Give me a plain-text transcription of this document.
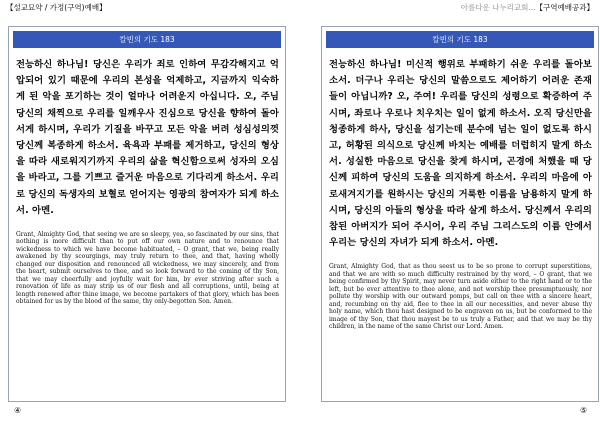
【설교묘약 / 가정(구역)예배】	아름다운 나누리교회...【구역예배공과】
칼빈의 기도 183

전능하신 하나님! 당신은 우리가 죄로 인하여 무감각해지고 억압되어 있기 때문에 우리의 본성을 억제하고, 지금까지 익숙하게 된 악을 포기하는 것이 얼마나 어려운지 아십니다. 오, 주님 당신의 채찍으로 우리를 일깨우사 진심으로 당신을 향하여 돌아서게 하시며, 우리가 기질을 바꾸고 모든 악을 버려 성심성의껏 당신께 복종하게 하소서. 육욕과 부패를 제거하고, 당신의 형상을 따라 새로워지기까지 우리의 삶을 혁신함으로써 성자의 오심을 바라고, 그를 기쁘고 즐거운 마음으로 기다리게 하소서. 우리로 당신의 독생자의 보혈로 얻어지는 영광의 참여자가 되게 하소서. 아멘.

Grant, Almighty God, that seeing we are so sleepy, yea, so fascinated by our sins, that nothing is more difficult than to put off our own nature and to renounce that wickedness to which we have become habituated, – O grant, that we, being really awakened by thy scourgings, may truly return to thee, and that, having wholly changed our disposition and renounced all wickedness, we may sincerely, and from the heart, submit ourselves to thee, and so look forward to the coming of thy Son, that we may cheerfully and joyfully wait for him, by ever striving after such a renovation of life as may strip us of our flesh and all corruptions, until, being at length renewed after thine image, we become partakers of that glory, which has been obtained for us by the blood of the same, thy only-begotten Son. Amen.

칼빈의 기도 183

전능하신 하나님! 미신적 행위로 부패하기 쉬운 우리를 돌아보소서. 더구나 우리는 당신의 말씀으로도 제어하기 어려운 존재들이 아닙니까? 오, 주여! 우리를 당신의 성령으로 확증하여 주시며, 좌로나 우로나 치우치는 일이 없게 하소서. 오직 당신만을 청종하게 하사, 당신을 섬기는데 분수에 넘는 일이 없도록 하시고, 허황된 의식으로 당신께 바치는 예배를 더럽히지 말게 하소서. 성실한 마음으로 당신을 찾게 하시며, 곤경에 처했을 때 당신께 피하여 당신의 도움을 의지하게 하소서. 우리의 마음에 아로새겨지기를 원하시는 당신의 거룩한 이름을 남용하지 말게 하시며, 당신의 아들의 형상을 따라 살게 하소서. 당신께서 우리의 참된 아버지가 되어 주시어, 우리 주님 그리스도의 이름 안에서 우리는 당신의 자녀가 되게 하소서. 아멘.

Grant, Almighty God, that as thou seest us to be so prone to corrupt superstitions, and that we are with so much difficulty restrained by thy word, – O grant, that we being confirmed by thy Spirit, may never turn aside either to the right hand or to the left, but be ever attentive to thee alone, and not worship thee presumptuously, nor pollute thy worship with our outward pomps, but call on thee with a sincere heart, and, recumbing on thy aid, flee to thee in all our necessities, and never abuse thy holy name, which thou hast designed to be engraven on us, but be conformed to the image of thy Son, that thou mayest be to us truly a Father, and that we may be thy children, in the name of the same Christ our Lord. Amen.

④	⑤
